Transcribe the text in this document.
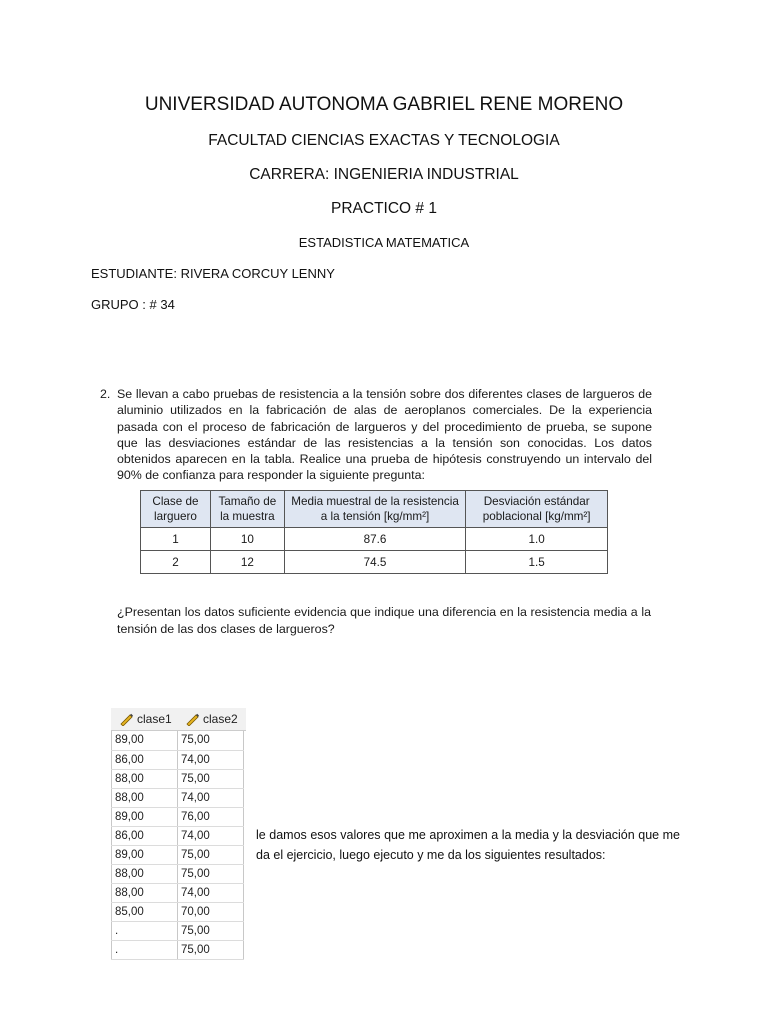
UNIVERSIDAD AUTONOMA GABRIEL RENE MORENO
FACULTAD CIENCIAS EXACTAS Y TECNOLOGIA
CARRERA: INGENIERIA INDUSTRIAL
PRACTICO # 1
ESTADISTICA MATEMATICA
ESTUDIANTE: RIVERA CORCUY LENNY
GRUPO : # 34
2. Se llevan a cabo pruebas de resistencia a la tensión sobre dos diferentes clases de largueros de aluminio utilizados en la fabricación de alas de aeroplanos comerciales. De la experiencia pasada con el proceso de fabricación de largueros y del procedimiento de prueba, se supone que las desviaciones estándar de las resistencias a la tensión son conocidas. Los datos obtenidos aparecen en la tabla. Realice una prueba de hipótesis construyendo un intervalo del 90% de confianza para responder la siguiente pregunta:
Clase de larguero	Tamaño de la muestra	Media muestral de la resistencia a la tensión [kg/mm²]	Desviación estándar poblacional [kg/mm²]
1	10	87.6	1.0
2	12	74.5	1.5
¿Presentan los datos suficiente evidencia que indique una diferencia en la resistencia media a la tensión de las dos clases de largueros?
clase1	clase2
89,00	75,00
86,00	74,00
88,00	75,00
88,00	74,00
89,00	76,00
86,00	74,00
89,00	75,00
88,00	75,00
88,00	74,00
85,00	70,00
.	75,00
.	75,00
le damos esos valores que me aproximen a la media y la desviación que me da el ejercicio, luego ejecuto y me da los siguientes resultados:
